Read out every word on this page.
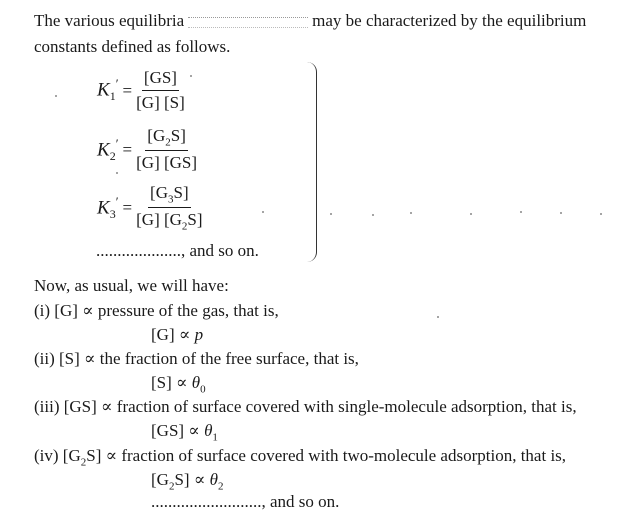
The various equilibria	may be characterized by the equilibrium
constants defined as follows.
$K_1' = \frac{[GS]}{[G] [S]}$
$K_2' = \frac{[G_2S]}{[G] [GS]}$
$K_3' = \frac{[G_3S]}{[G] [G_2S]}$
...................., and so on.
Now, as usual, we will have:
(i) [G] ∝ pressure of the gas, that is,
[G] ∝ p
(ii) [S] ∝ the fraction of the free surface, that is,
$[S] \propto \theta_0$
(iii) [GS] ∝ fraction of surface covered with single-molecule adsorption, that is,
$[GS] \propto \theta_1$
(iv) $[G_2S]$ ∝ fraction of surface covered with two-molecule adsorption, that is,
$[G_2S] \propto \theta_2$
.........................., and so on.
